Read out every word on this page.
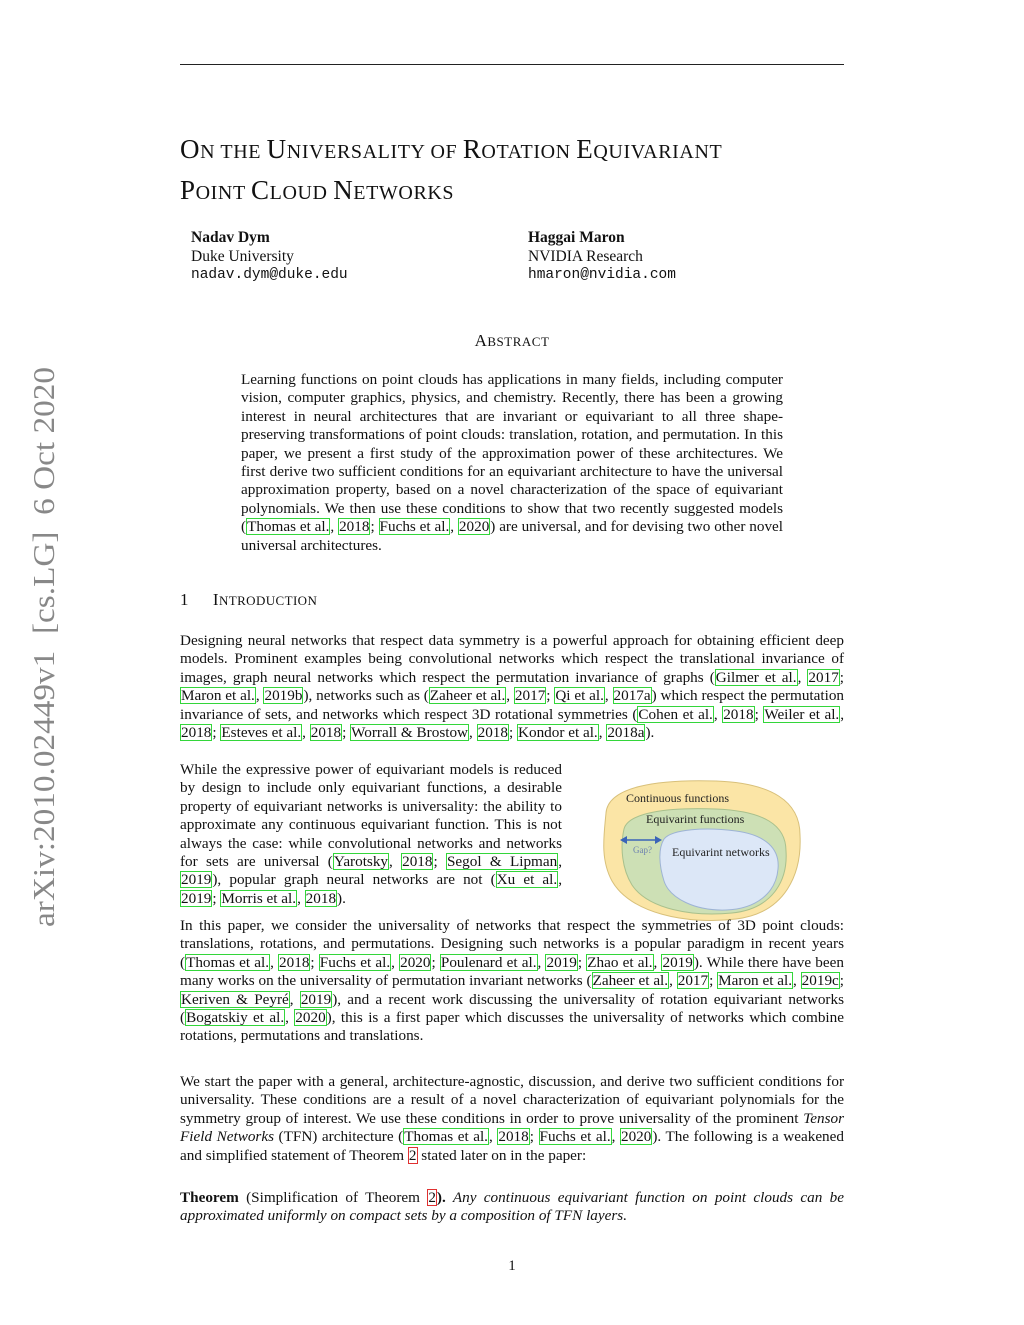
arXiv:2010.02449v1  [cs.LG]  6 Oct 2020
ON THE UNIVERSALITY OF ROTATION EQUIVARIANT
POINT CLOUD NETWORKS
Nadav Dym
Duke University
nadav.dym@duke.edu
Haggai Maron
NVIDIA Research
hmaron@nvidia.com
ABSTRACT
Learning functions on point clouds has applications in many fields, including computer vision, computer graphics, physics, and chemistry. Recently, there has been a growing interest in neural architectures that are invariant or equivariant to all three shape-preserving transformations of point clouds: translation, rotation, and permutation. In this paper, we present a first study of the approximation power of these architectures. We first derive two sufficient conditions for an equivariant architecture to have the universal approximation property, based on a novel characterization of the space of equivariant polynomials. We then use these conditions to show that two recently suggested models (Thomas et al., 2018; Fuchs et al., 2020) are universal, and for devising two other novel universal architectures.
1 INTRODUCTION
Designing neural networks that respect data symmetry is a powerful approach for obtaining efficient deep models. Prominent examples being convolutional networks which respect the translational invariance of images, graph neural networks which respect the permutation invariance of graphs (Gilmer et al., 2017; Maron et al., 2019b), networks such as (Zaheer et al., 2017; Qi et al., 2017a) which respect the permutation invariance of sets, and networks which respect 3D rotational symmetries (Cohen et al., 2018; Weiler et al., 2018; Esteves et al., 2018; Worrall & Brostow, 2018; Kondor et al., 2018a).
While the expressive power of equivariant models is reduced by design to include only equivariant functions, a desirable property of equivariant networks is universality: the ability to approximate any continuous equivariant function. This is not always the case: while convolutional networks and networks for sets are universal (Yarotsky, 2018; Segol & Lipman, 2019), popular graph neural networks are not (Xu et al., 2019; Morris et al., 2018).
Continuous functions
Equivarint functions
Equivarint networks
Gap?
In this paper, we consider the universality of networks that respect the symmetries of 3D point clouds: translations, rotations, and permutations. Designing such networks is a popular paradigm in recent years (Thomas et al., 2018; Fuchs et al., 2020; Poulenard et al., 2019; Zhao et al., 2019). While there have been many works on the universality of permutation invariant networks (Zaheer et al., 2017; Maron et al., 2019c; Keriven & Peyré, 2019), and a recent work discussing the universality of rotation equivariant networks (Bogatskiy et al., 2020), this is a first paper which discusses the universality of networks which combine rotations, permutations and translations.
We start the paper with a general, architecture-agnostic, discussion, and derive two sufficient conditions for universality. These conditions are a result of a novel characterization of equivariant polynomials for the symmetry group of interest. We use these conditions in order to prove universality of the prominent Tensor Field Networks (TFN) architecture (Thomas et al., 2018; Fuchs et al., 2020). The following is a weakened and simplified statement of Theorem 2 stated later on in the paper:
Theorem (Simplification of Theorem 2). Any continuous equivariant function on point clouds can be approximated uniformly on compact sets by a composition of TFN layers.
1
